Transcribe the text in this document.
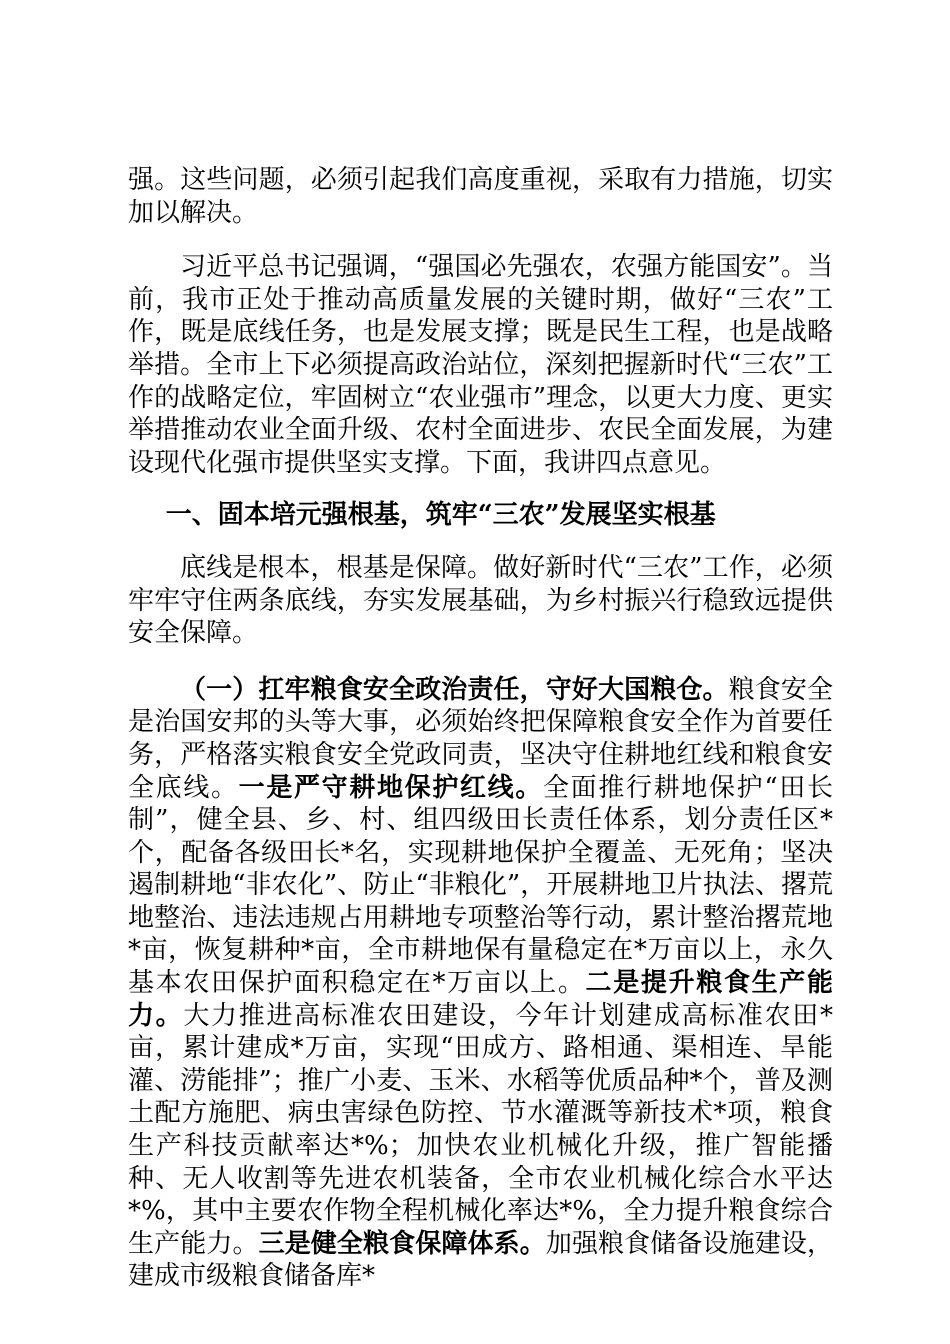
强。这些问题，必须引起我们高度重视，采取有力措施，切实加以解决。

习近平总书记强调，“强国必先强农，农强方能国安”。当前，我市正处于推动高质量发展的关键时期，做好“三农”工作，既是底线任务，也是发展支撑；既是民生工程，也是战略举措。全市上下必须提高政治站位，深刻把握新时代“三农”工作的战略定位，牢固树立“农业强市”理念，以更大力度、更实举措推动农业全面升级、农村全面进步、农民全面发展，为建设现代化强市提供坚实支撑。下面，我讲四点意见。

一、固本培元强根基，筑牢“三农”发展坚实根基

底线是根本，根基是保障。做好新时代“三农”工作，必须牢牢守住两条底线，夯实发展基础，为乡村振兴行稳致远提供安全保障。

（一）扛牢粮食安全政治责任，守好大国粮仓。粮食安全是治国安邦的头等大事，必须始终把保障粮食安全作为首要任务，严格落实粮食安全党政同责，坚决守住耕地红线和粮食安全底线。一是严守耕地保护红线。全面推行耕地保护“田长制”，健全县、乡、村、组四级田长责任体系，划分责任区*个，配备各级田长*名，实现耕地保护全覆盖、无死角；坚决遏制耕地“非农化”、防止“非粮化”，开展耕地卫片执法、撂荒地整治、违法违规占用耕地专项整治等行动，累计整治撂荒地*亩，恢复耕种*亩，全市耕地保有量稳定在*万亩以上，永久基本农田保护面积稳定在*万亩以上。二是提升粮食生产能力。大力推进高标准农田建设，今年计划建成高标准农田*亩，累计建成*万亩，实现“田成方、路相通、渠相连、旱能灌、涝能排”；推广小麦、玉米、水稻等优质品种*个，普及测土配方施肥、病虫害绿色防控、节水灌溉等新技术*项，粮食生产科技贡献率达*%；加快农业机械化升级，推广智能播种、无人收割等先进农机装备，全市农业机械化综合水平达*%，其中主要农作物全程机械化率达*%，全力提升粮食综合生产能力。三是健全粮食保障体系。加强粮食储备设施建设，建成市级粮食储备库*
